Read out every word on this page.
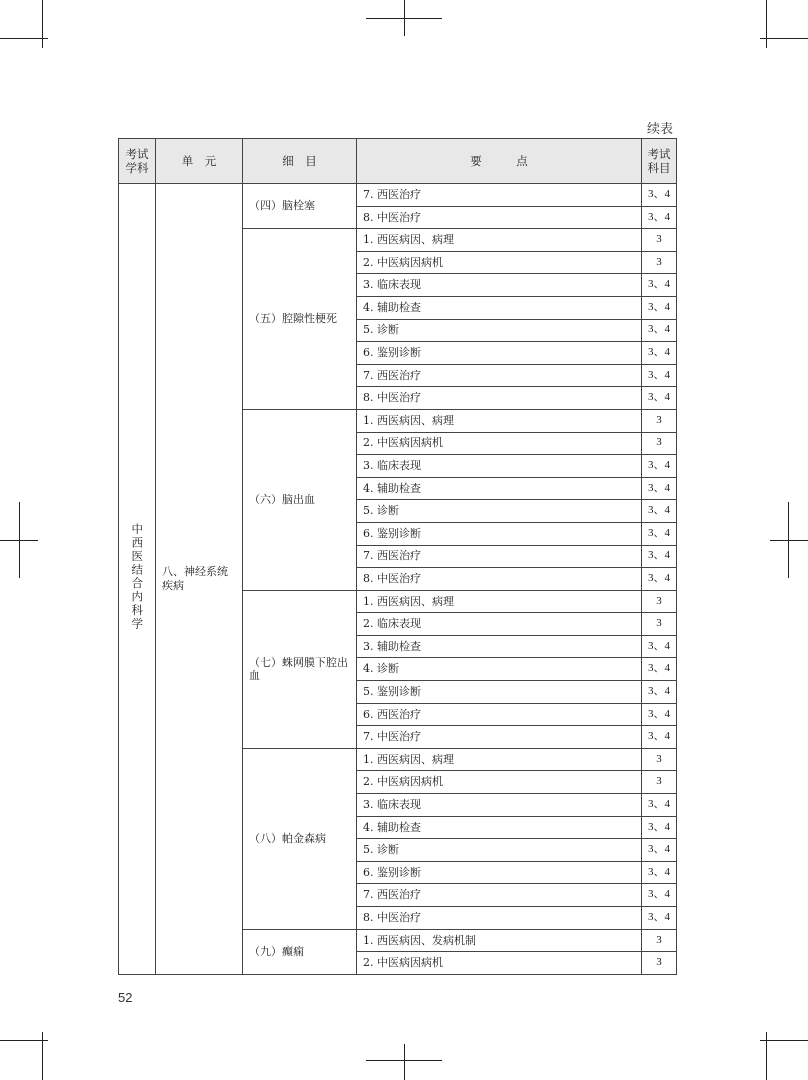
续表
考试学科	单　元	细　目	要　　　点	考试科目
中西医结合内科学	八、神经系统疾病	（四）脑栓塞	7. 西医治疗	3、4
			8. 中医治疗	3、4
		（五）腔隙性梗死	1. 西医病因、病理	3
			2. 中医病因病机	3
			3. 临床表现	3、4
			4. 辅助检查	3、4
			5. 诊断	3、4
			6. 鉴别诊断	3、4
			7. 西医治疗	3、4
			8. 中医治疗	3、4
		（六）脑出血	1. 西医病因、病理	3
			2. 中医病因病机	3
			3. 临床表现	3、4
			4. 辅助检查	3、4
			5. 诊断	3、4
			6. 鉴别诊断	3、4
			7. 西医治疗	3、4
			8. 中医治疗	3、4
		（七）蛛网膜下腔出血	1. 西医病因、病理	3
			2. 临床表现	3
			3. 辅助检查	3、4
			4. 诊断	3、4
			5. 鉴别诊断	3、4
			6. 西医治疗	3、4
			7. 中医治疗	3、4
		（八）帕金森病	1. 西医病因、病理	3
			2. 中医病因病机	3
			3. 临床表现	3、4
			4. 辅助检查	3、4
			5. 诊断	3、4
			6. 鉴别诊断	3、4
			7. 西医治疗	3、4
			8. 中医治疗	3、4
		（九）癫痫	1. 西医病因、发病机制	3
			2. 中医病因病机	3
52
